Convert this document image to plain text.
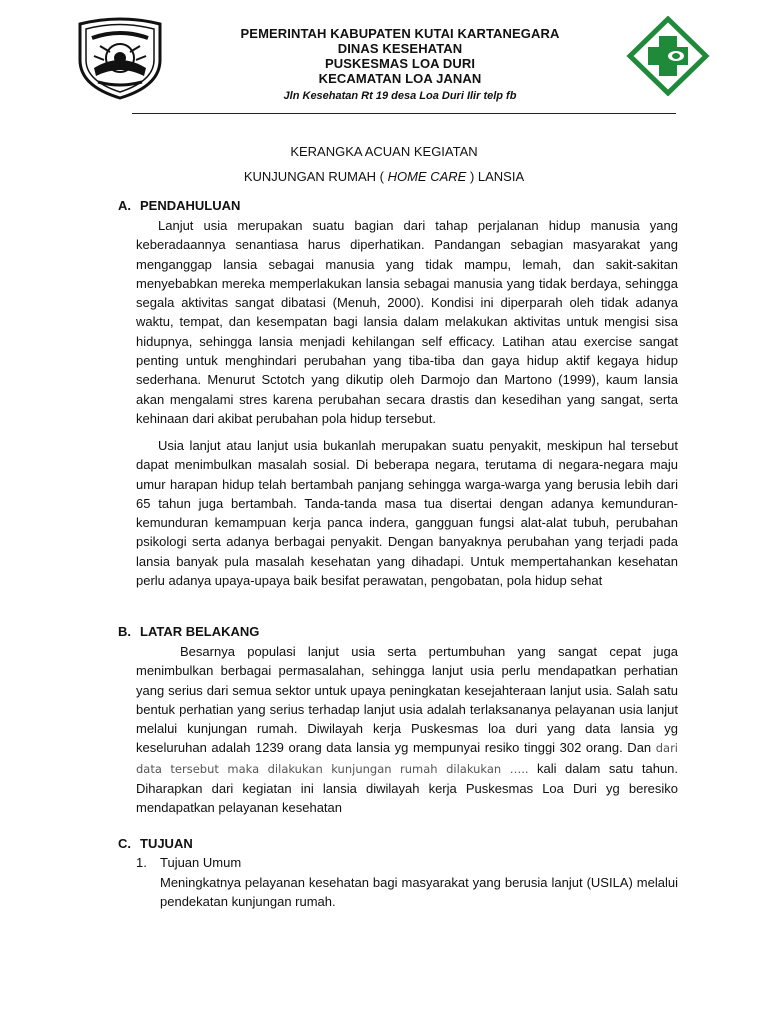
PEMERINTAH KABUPATEN KUTAI KARTANEGARA
DINAS KESEHATAN
PUSKESMAS LOA DURI
KECAMATAN LOA JANAN
Jln Kesehatan Rt 19 desa Loa Duri Ilir telp fb
KERANGKA ACUAN KEGIATAN
KUNJUNGAN RUMAH ( HOME CARE ) LANSIA
A. PENDAHULUAN
Lanjut usia merupakan suatu bagian dari tahap perjalanan hidup manusia yang keberadaannya senantiasa harus diperhatikan. Pandangan sebagian masyarakat yang menganggap lansia sebagai manusia yang tidak mampu, lemah, dan sakit-sakitan menyebabkan mereka memperlakukan lansia sebagai manusia yang tidak berdaya, sehingga segala aktivitas sangat dibatasi (Menuh, 2000). Kondisi ini diperparah oleh tidak adanya waktu, tempat, dan kesempatan bagi lansia dalam melakukan aktivitas untuk mengisi sisa hidupnya, sehingga lansia menjadi kehilangan self efficacy. Latihan atau exercise sangat penting untuk menghindari perubahan yang tiba-tiba dan gaya hidup aktif kegaya hidup sederhana. Menurut Sctotch yang dikutip oleh Darmojo dan Martono (1999), kaum lansia akan mengalami stres karena perubahan secara drastis dan kesedihan yang sangat, serta kehinaan dari akibat perubahan pola hidup tersebut.
Usia lanjut atau lanjut usia bukanlah merupakan suatu penyakit, meskipun hal tersebut dapat menimbulkan masalah sosial. Di beberapa negara, terutama di negara-negara maju umur harapan hidup telah bertambah panjang sehingga warga-warga yang berusia lebih dari 65 tahun juga bertambah. Tanda-tanda masa tua disertai dengan adanya kemunduran-kemunduran kemampuan kerja panca indera, gangguan fungsi alat-alat tubuh, perubahan psikologi serta adanya berbagai penyakit. Dengan banyaknya perubahan yang terjadi pada lansia banyak pula masalah kesehatan yang dihadapi. Untuk mempertahankan kesehatan perlu adanya upaya-upaya baik besifat perawatan, pengobatan, pola hidup sehat
B. LATAR BELAKANG
Besarnya populasi lanjut usia serta pertumbuhan yang sangat cepat juga menimbulkan berbagai permasalahan, sehingga lanjut usia perlu mendapatkan perhatian yang serius dari semua sektor untuk upaya peningkatan kesejahteraan lanjut usia. Salah satu bentuk perhatian yang serius terhadap lanjut usia adalah terlaksananya pelayanan usia lanjut melalui kunjungan rumah. Diwilayah kerja Puskesmas loa duri yang data lansia yg keseluruhan adalah 1239 orang data lansia yg mempunyai resiko tinggi 302 orang. Dan dari data tersebut maka dilakukan kunjungan rumah dilakukan ….. kali dalam satu tahun. Diharapkan dari kegiatan ini lansia diwilayah kerja Puskesmas Loa Duri yg beresiko mendapatkan pelayanan kesehatan
C. TUJUAN
1. Tujuan Umum
Meningkatnya pelayanan kesehatan bagi masyarakat yang berusia lanjut (USILA) melalui pendekatan kunjungan rumah.
